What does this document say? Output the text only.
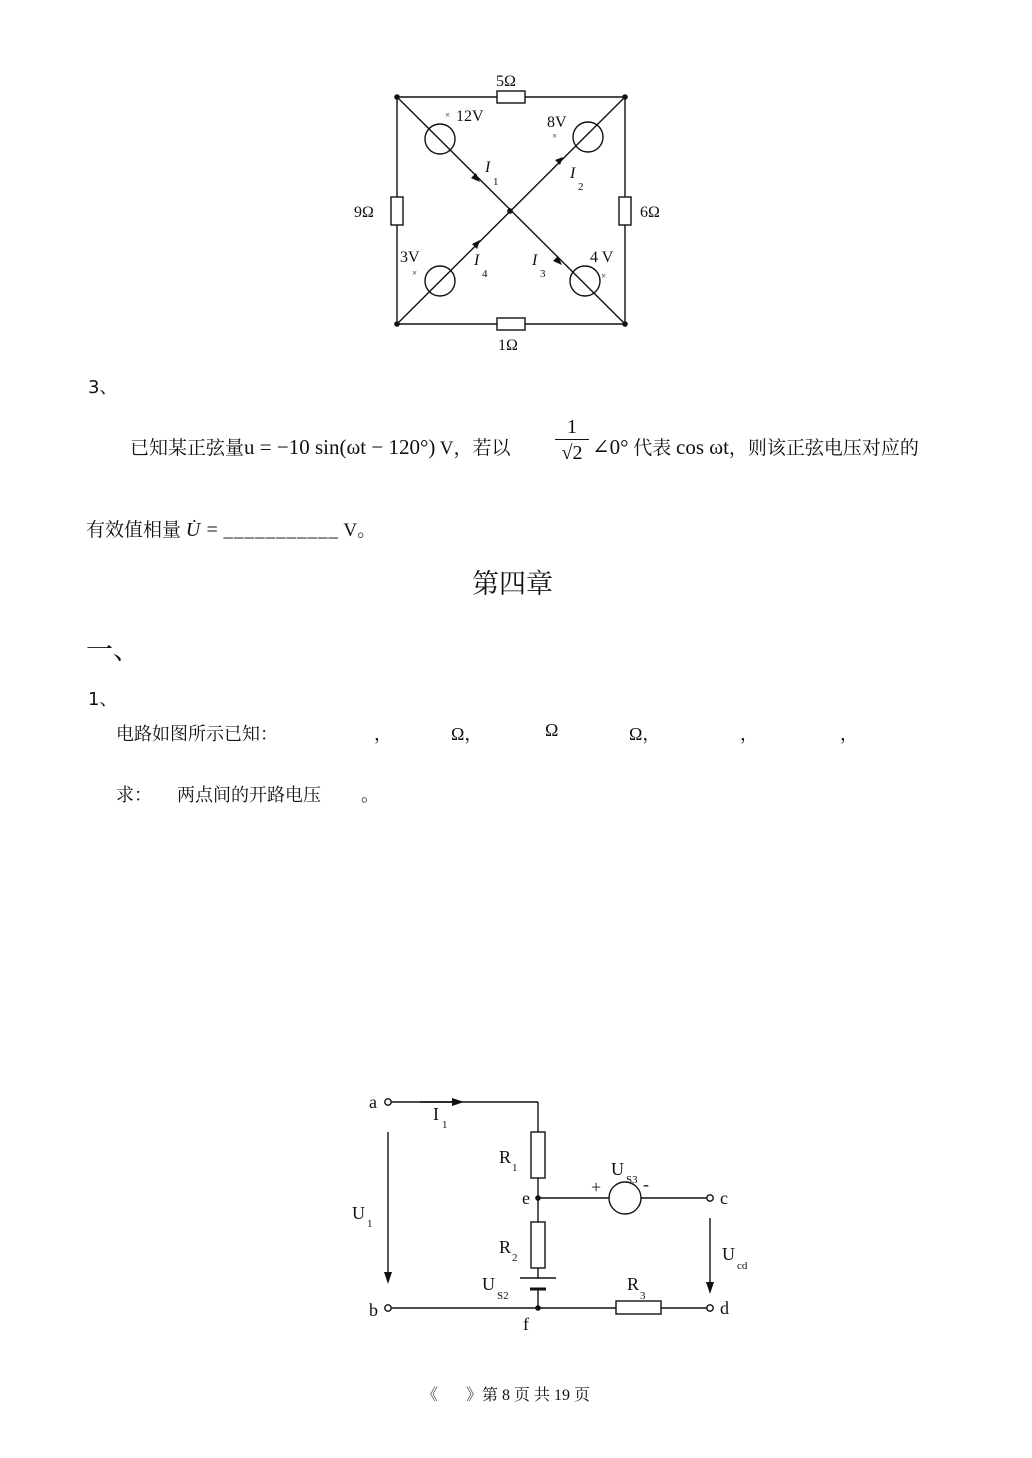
5Ω
1Ω
9Ω	6Ω
12V	8V
3V	4 V
I
1	I
2
I
4
I
3
×
×
×	×
3、
已知某正弦量u = −10 sin(ωt − 120°) V，若以 $\frac{1}{√2}$ ∠0° 代表 cos ωt，则该正弦电压对应的
有效值相量 U̇ = ___________ V。
第四章
一、
1、
电路如图所示已知：	，	Ω，	Ω	Ω，	，	，
求： 两点间的开路电压 。
a
b
c
d
e
f
I
1
R
1
R
2
R
3
U
1
U
S2
U
S3
U
cd
+ -
《 》第 8 页 共 19 页
